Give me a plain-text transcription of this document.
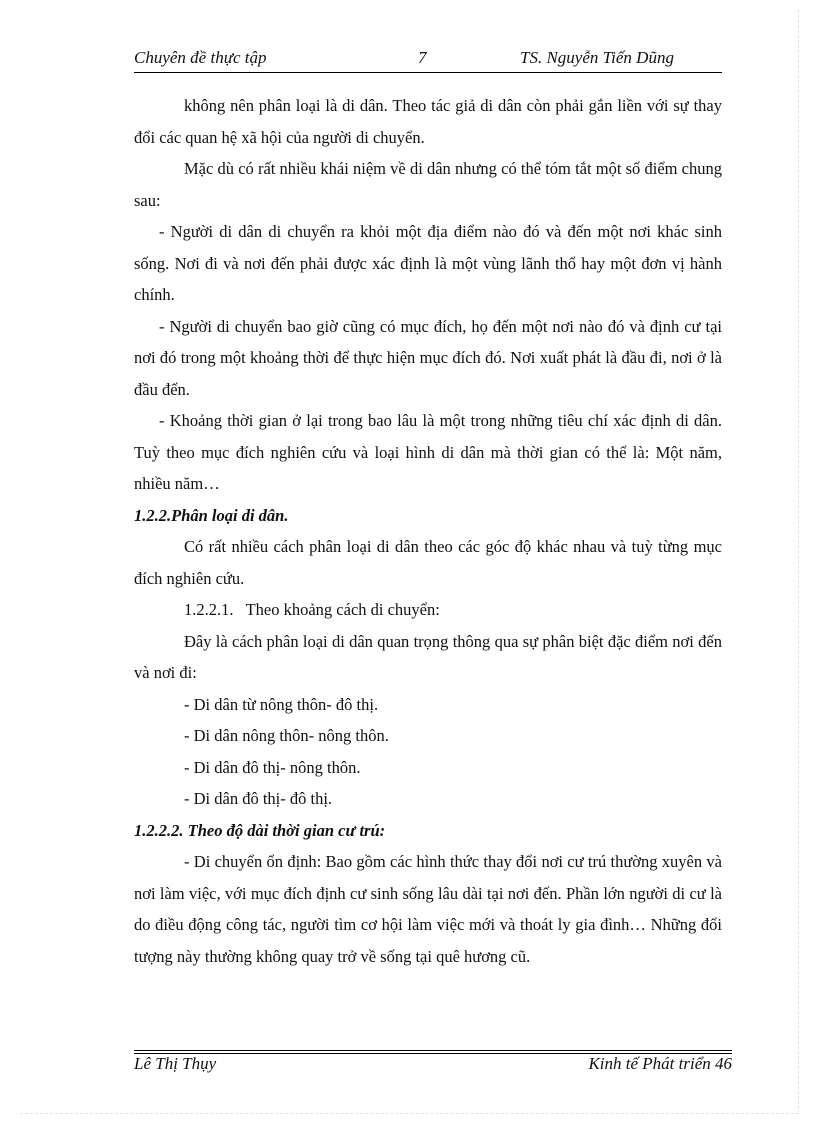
Chuyên đề thực tập	7	TS. Nguyễn Tiến Dũng

không nên phân loại là di dân. Theo tác giả di dân còn phải gắn liền với sự thay đổi các quan hệ xã hội của người di chuyển.

Mặc dù có rất nhiều khái niệm về di dân nhưng có thể tóm tắt một số điểm chung sau:

- Người di dân di chuyển ra khỏi một địa điểm nào đó và đến một nơi khác sinh sống. Nơi đi và nơi đến phải được xác định là một vùng lãnh thổ hay một đơn vị hành chính.

- Người di chuyển bao giờ cũng có mục đích, họ đến một nơi nào đó và định cư tại nơi đó trong một khoảng thời để thực hiện mục đích đó. Nơi xuất phát là đầu đi, nơi ở là đầu đến.

- Khoảng thời gian ở lại trong bao lâu là một trong những tiêu chí xác định di dân. Tuỳ theo mục đích nghiên cứu và loại hình di dân mà thời gian có thể là: Một năm, nhiều năm…

1.2.2.Phân loại di dân.

Có rất nhiều cách phân loại di dân theo các góc độ khác nhau và tuỳ từng mục đích nghiên cứu.

1.2.2.1.   Theo khoảng cách di chuyển:

Đây là cách phân loại di dân quan trọng thông qua sự phân biệt đặc điểm nơi đến và nơi đi:

- Di dân từ nông thôn- đô thị.

- Di dân nông thôn- nông thôn.

- Di dân đô thị- nông thôn.

- Di dân đô thị- đô thị.

1.2.2.2. Theo độ dài thời gian cư trú:

- Di chuyển ổn định: Bao gồm các hình thức thay đổi nơi cư trú thường xuyên và nơi làm việc, với mục đích định cư sinh sống lâu dài tại nơi đến. Phần lớn người di cư là do điều động công tác, người tìm cơ hội làm việc mới và thoát ly gia đình… Những đối tượng này thường không quay trở về sống tại quê hương cũ.

Lê Thị Thụy	Kinh tế Phát triển 46
